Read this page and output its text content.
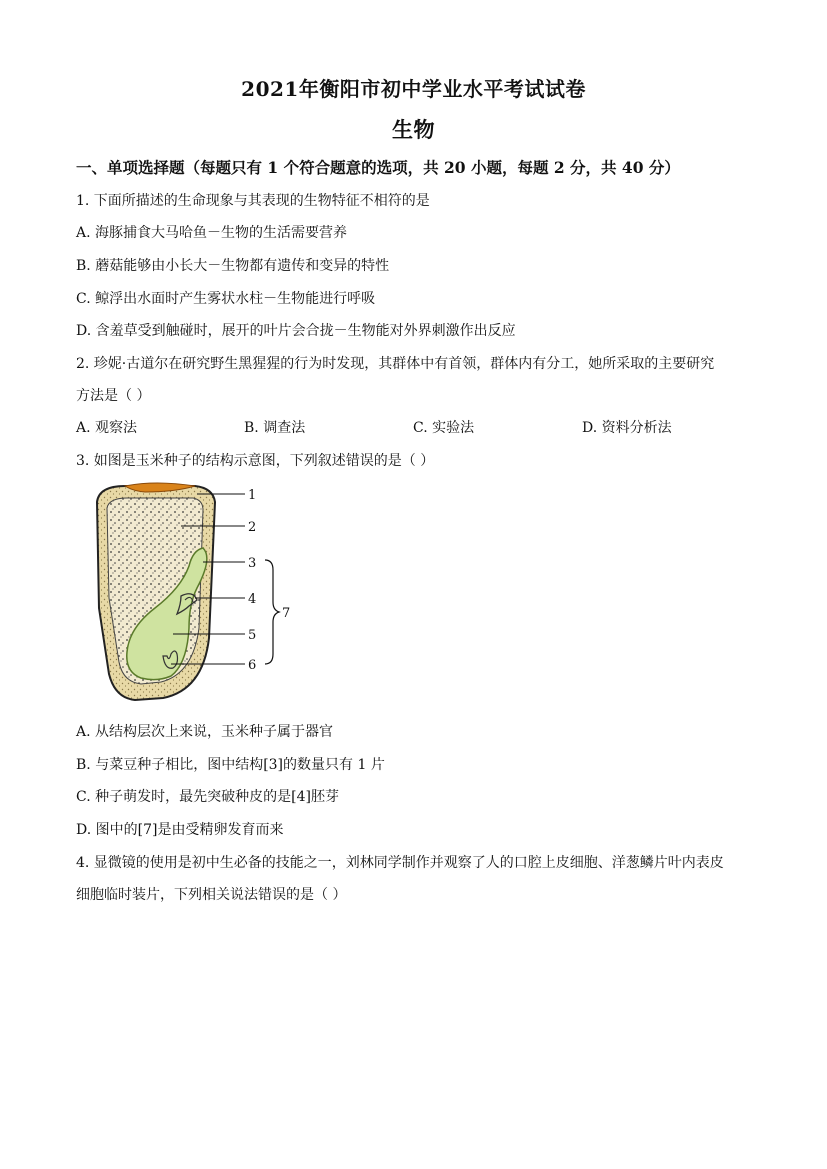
2021年衡阳市初中学业水平考试试卷
生物
一、单项选择题（每题只有 1 个符合题意的选项，共 20 小题，每题 2 分，共 40 分）
1. 下面所描述的生命现象与其表现的生物特征不相符的是
A. 海豚捕食大马哈鱼－生物的生活需要营养
B. 蘑菇能够由小长大－生物都有遗传和变异的特性
C. 鲸浮出水面时产生雾状水柱－生物能进行呼吸
D. 含羞草受到触碰时，展开的叶片会合拢－生物能对外界刺激作出反应
2. 珍妮·古道尔在研究野生黑猩猩的行为时发现，其群体中有首领，群体内有分工，她所采取的主要研究
方法是（ ）
A. 观察法	B. 调查法	C. 实验法	D. 资料分析法
3. 如图是玉米种子的结构示意图，下列叙述错误的是（ ）
1
2
3
4
5
6
7
A. 从结构层次上来说，玉米种子属于器官
B. 与菜豆种子相比，图中结构[3]的数量只有 1 片
C. 种子萌发时，最先突破种皮的是[4]胚芽
D. 图中的[7]是由受精卵发育而来
4. 显微镜的使用是初中生必备的技能之一，刘林同学制作并观察了人的口腔上皮细胞、洋葱鳞片叶内表皮
细胞临时装片，下列相关说法错误的是（ ）
